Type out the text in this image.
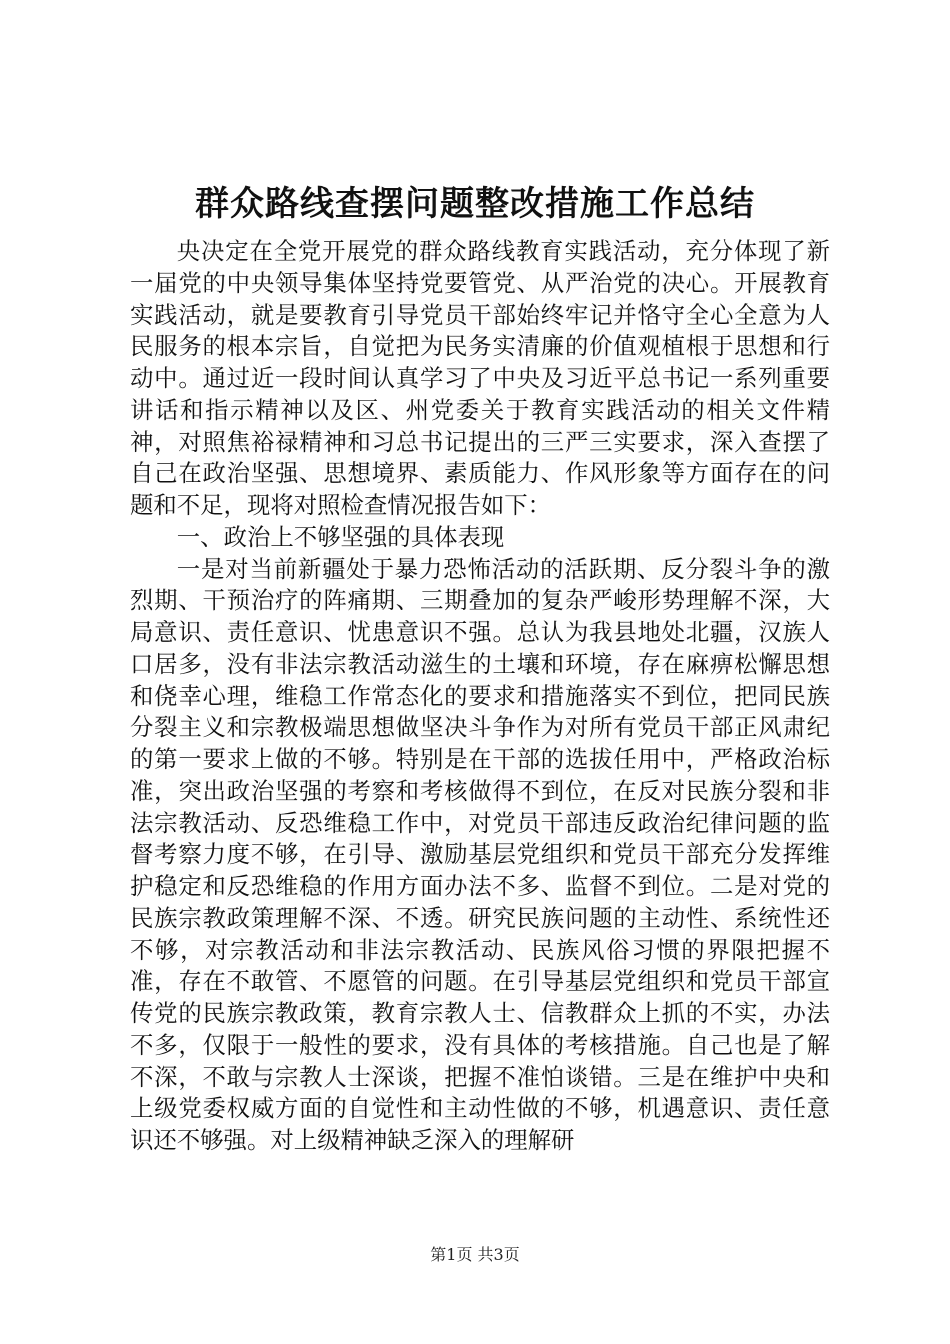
群众路线查摆问题整改措施工作总结

央决定在全党开展党的群众路线教育实践活动，充分体现了新一届党的中央领导集体坚持党要管党、从严治党的决心。开展教育实践活动，就是要教育引导党员干部始终牢记并恪守全心全意为人民服务的根本宗旨，自觉把为民务实清廉的价值观植根于思想和行动中。通过近一段时间认真学习了中央及习近平总书记一系列重要讲话和指示精神以及区、州党委关于教育实践活动的相关文件精神，对照焦裕禄精神和习总书记提出的三严三实要求，深入查摆了自己在政治坚强、思想境界、素质能力、作风形象等方面存在的问题和不足，现将对照检查情况报告如下：

一、政治上不够坚强的具体表现

一是对当前新疆处于暴力恐怖活动的活跃期、反分裂斗争的激烈期、干预治疗的阵痛期、三期叠加的复杂严峻形势理解不深，大局意识、责任意识、忧患意识不强。总认为我县地处北疆，汉族人口居多，没有非法宗教活动滋生的土壤和环境，存在麻痹松懈思想和侥幸心理，维稳工作常态化的要求和措施落实不到位，把同民族分裂主义和宗教极端思想做坚决斗争作为对所有党员干部正风肃纪的第一要求上做的不够。特别是在干部的选拔任用中，严格政治标准，突出政治坚强的考察和考核做得不到位，在反对民族分裂和非法宗教活动、反恐维稳工作中，对党员干部违反政治纪律问题的监督考察力度不够，在引导、激励基层党组织和党员干部充分发挥维护稳定和反恐维稳的作用方面办法不多、监督不到位。二是对党的民族宗教政策理解不深、不透。研究民族问题的主动性、系统性还不够，对宗教活动和非法宗教活动、民族风俗习惯的界限把握不准，存在不敢管、不愿管的问题。在引导基层党组织和党员干部宣传党的民族宗教政策，教育宗教人士、信教群众上抓的不实，办法不多，仅限于一般性的要求，没有具体的考核措施。自己也是了解不深，不敢与宗教人士深谈，把握不准怕谈错。三是在维护中央和上级党委权威方面的自觉性和主动性做的不够，机遇意识、责任意识还不够强。对上级精神缺乏深入的理解研

第1页 共3页
